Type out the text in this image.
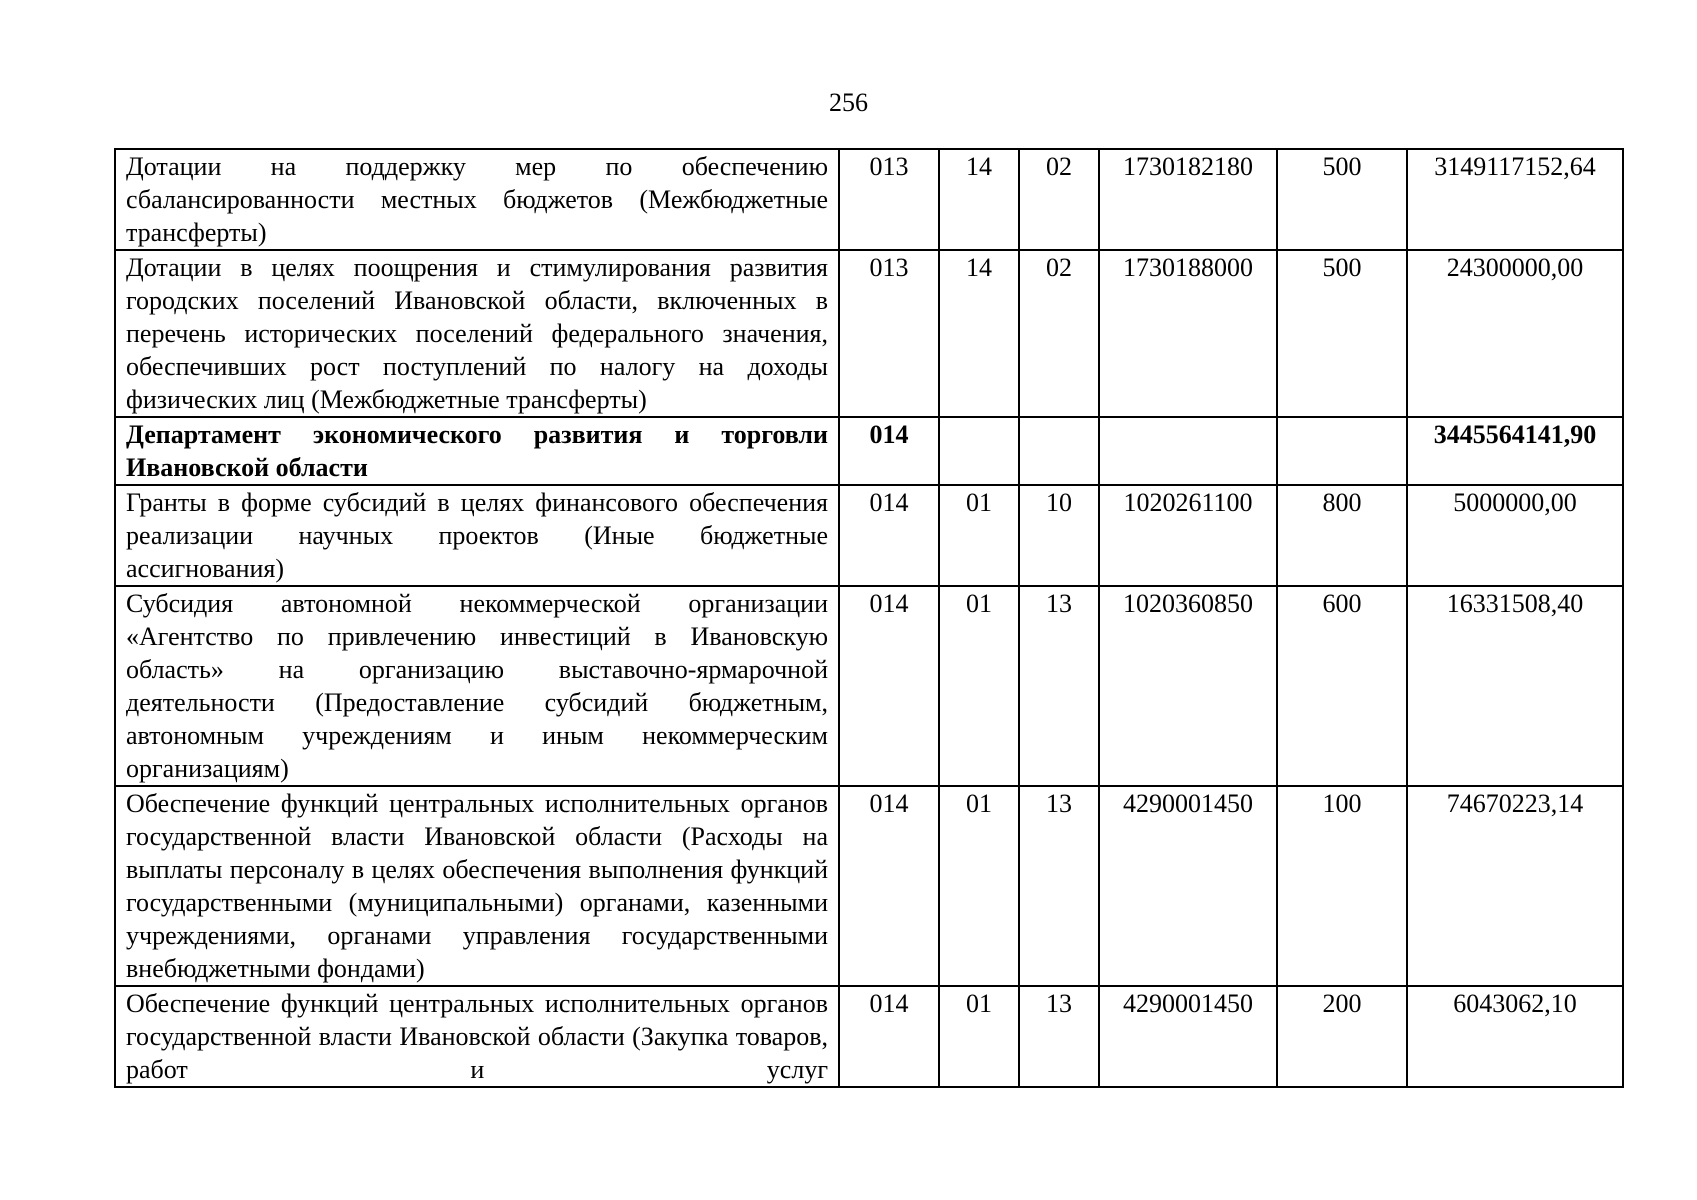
256
Дотации на поддержку мер по обеспечению сбалансированности местных бюджетов (Межбюджетные трансферты)	013	14	02	1730182180	500	3149117152,64
Дотации в целях поощрения и стимулирования развития городских поселений Ивановской области, включенных в перечень исторических поселений федерального значения, обеспечивших рост поступлений по налогу на доходы физических лиц (Межбюджетные трансферты)	013	14	02	1730188000	500	24300000,00
Департамент экономического развития и торговли Ивановской области	014					3445564141,90
Гранты в форме субсидий в целях финансового обеспечения реализации научных проектов (Иные бюджетные ассигнования)	014	01	10	1020261100	800	5000000,00
Субсидия автономной некоммерческой организации «Агентство по привлечению инвестиций в Ивановскую область» на организацию выставочно-ярмарочной деятельности (Предоставление субсидий бюджетным, автономным учреждениям и иным некоммерческим организациям)	014	01	13	1020360850	600	16331508,40
Обеспечение функций центральных исполнительных органов государственной власти Ивановской области (Расходы на выплаты персоналу в целях обеспечения выполнения функций государственными (муниципальными) органами, казенными учреждениями, органами управления государственными внебюджетными фондами)	014	01	13	4290001450	100	74670223,14
Обеспечение функций центральных исполнительных органов государственной власти Ивановской области (Закупка товаров, работ и услуг	014	01	13	4290001450	200	6043062,10
